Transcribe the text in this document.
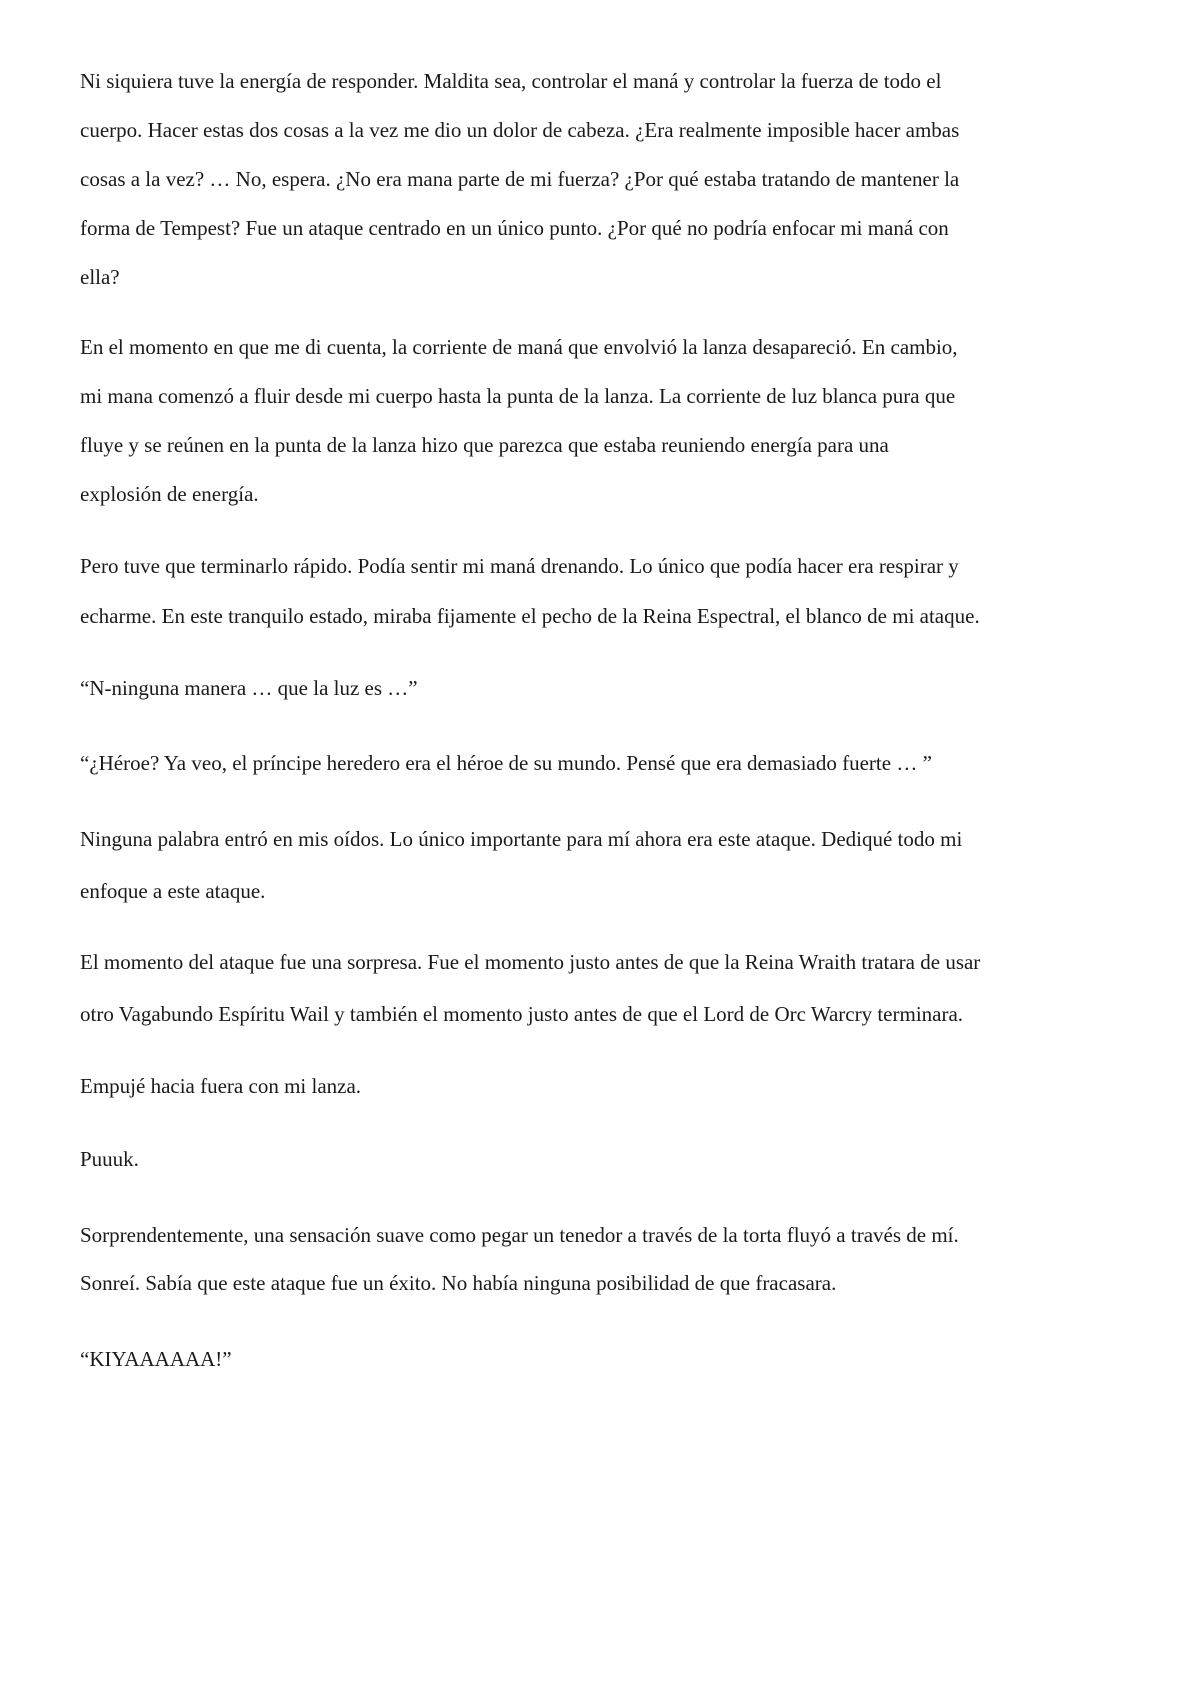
Ni siquiera tuve la energía de responder. Maldita sea, controlar el maná y controlar la fuerza de todo el
cuerpo. Hacer estas dos cosas a la vez me dio un dolor de cabeza. ¿Era realmente imposible hacer ambas
cosas a la vez? … No, espera. ¿No era mana parte de mi fuerza? ¿Por qué estaba tratando de mantener la
forma de Tempest? Fue un ataque centrado en un único punto. ¿Por qué no podría enfocar mi maná con
ella?
En el momento en que me di cuenta, la corriente de maná que envolvió la lanza desapareció. En cambio,
mi mana comenzó a fluir desde mi cuerpo hasta la punta de la lanza. La corriente de luz blanca pura que
fluye y se reúnen en la punta de la lanza hizo que parezca que estaba reuniendo energía para una
explosión de energía.
Pero tuve que terminarlo rápido. Podía sentir mi maná drenando. Lo único que podía hacer era respirar y
echarme. En este tranquilo estado, miraba fijamente el pecho de la Reina Espectral, el blanco de mi ataque.
“N-ninguna manera … que la luz es …”
“¿Héroe? Ya veo, el príncipe heredero era el héroe de su mundo. Pensé que era demasiado fuerte … ”
Ninguna palabra entró en mis oídos. Lo único importante para mí ahora era este ataque. Dediqué todo mi
enfoque a este ataque.
El momento del ataque fue una sorpresa. Fue el momento justo antes de que la Reina Wraith tratara de usar
otro Vagabundo Espíritu Wail y también el momento justo antes de que el Lord de Orc Warcry terminara.
Empujé hacia fuera con mi lanza.
Puuuk.
Sorprendentemente, una sensación suave como pegar un tenedor a través de la torta fluyó a través de mí.
Sonreí. Sabía que este ataque fue un éxito. No había ninguna posibilidad de que fracasara.
“KIYAAAAAA!”
